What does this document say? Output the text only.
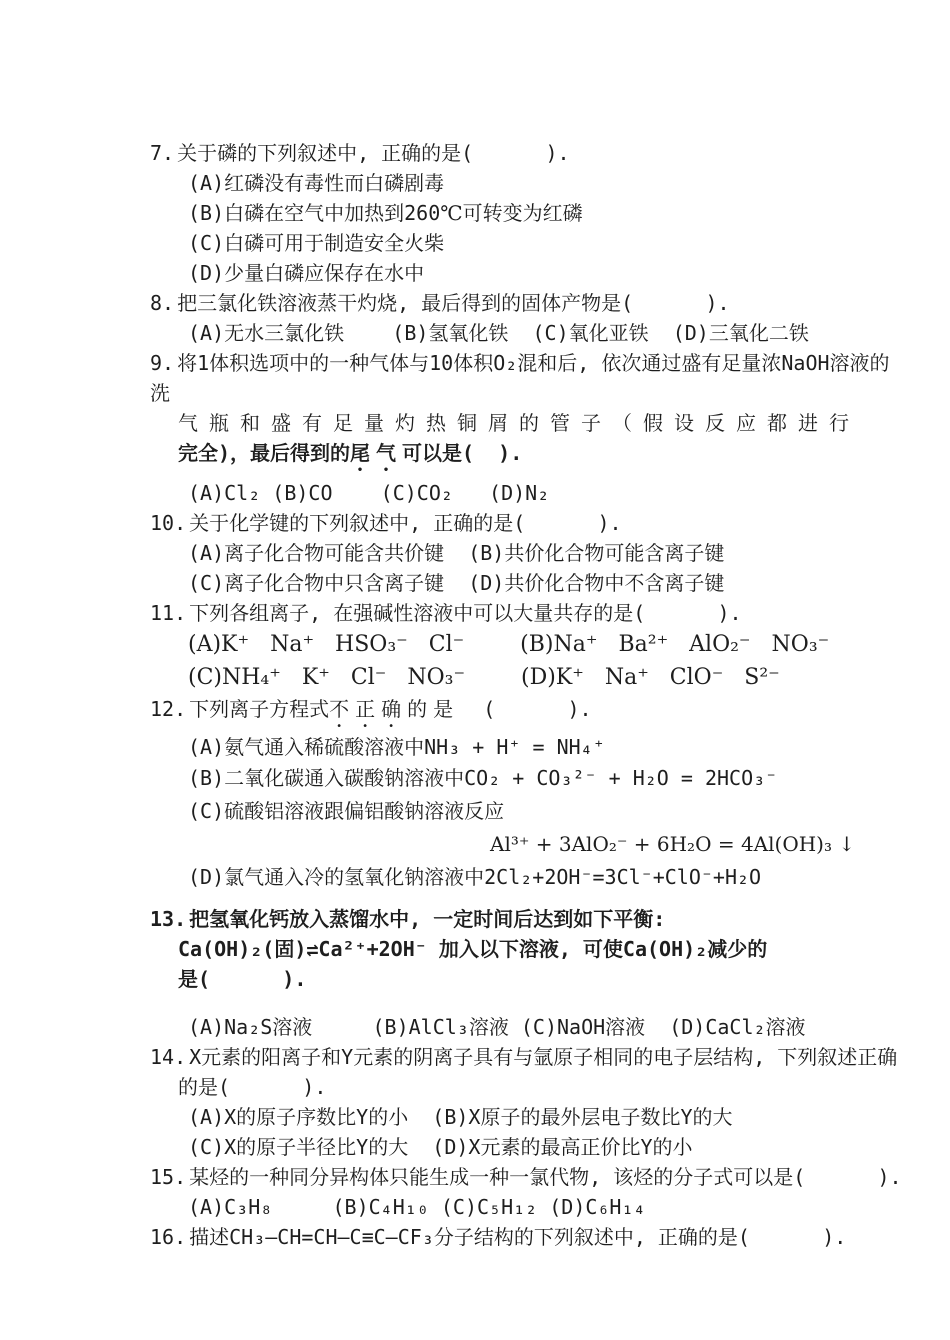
7. 关于磷的下列叙述中, 正确的是(      ).
(A)红磷没有毒性而白磷剧毒
(B)白磷在空气中加热到260℃可转变为红磷
(C)白磷可用于制造安全火柴
(D)少量白磷应保存在水中
8. 把三氯化铁溶液蒸干灼烧, 最后得到的固体产物是(      ).
(A)无水三氯化铁    (B)氢氧化铁  (C)氧化亚铁  (D)三氧化二铁
9. 将1体积选项中的一种气体与10体积O₂混和后, 依次通过盛有足量浓NaOH溶液的洗
气瓶和盛有足量灼热铜屑的管子（假设反应都进行
完全)，最后得到的尾气可以是(  ).
(A)Cl₂ (B)CO    (C)CO₂   (D)N₂
10. 关于化学键的下列叙述中, 正确的是(      ).
(A)离子化合物可能含共价键  (B)共价化合物可能含离子键
(C)离子化合物中只含离子键  (D)共价化合物中不含离子键
11. 下列各组离子, 在强碱性溶液中可以大量共存的是(      ).
(A)K⁺   Na⁺   HSO₃⁻   Cl⁻        (B)Na⁺   Ba²⁺   AlO₂⁻   NO₃⁻
(C)NH₄⁺   K⁺   Cl⁻   NO₃⁻        (D)K⁺   Na⁺   ClO⁻   S²⁻
12. 下列离子方程式不正确的是  (      ).
(A)氨气通入稀硫酸溶液中NH₃ + H⁺ = NH₄⁺
(B)二氧化碳通入碳酸钠溶液中CO₂ + CO₃²⁻ + H₂O = 2HCO₃⁻
(C)硫酸铝溶液跟偏铝酸钠溶液反应
Al³⁺ + 3AlO₂⁻ + 6H₂O = 4Al(OH)₃ ↓
(D)氯气通入冷的氢氧化钠溶液中2Cl₂+2OH⁻=3Cl⁻+ClO⁻+H₂O
13. 把氢氧化钙放入蒸馏水中, 一定时间后达到如下平衡:
Ca(OH)₂(固)⇌Ca²⁺+2OH⁻ 加入以下溶液, 可使Ca(OH)₂减少的
是(      ).
(A)Na₂S溶液     (B)AlCl₃溶液 (C)NaOH溶液  (D)CaCl₂溶液
14. X元素的阳离子和Y元素的阴离子具有与氩原子相同的电子层结构, 下列叙述正确
的是(      ).
(A)X的原子序数比Y的小  (B)X原子的最外层电子数比Y的大
(C)X的原子半径比Y的大  (D)X元素的最高正价比Y的小
15. 某烃的一种同分异构体只能生成一种一氯代物, 该烃的分子式可以是(      ).
(A)C₃H₈     (B)C₄H₁₀ (C)C₅H₁₂ (D)C₆H₁₄
16. 描述CH₃—CH=CH—C≡C—CF₃分子结构的下列叙述中, 正确的是(      ).
